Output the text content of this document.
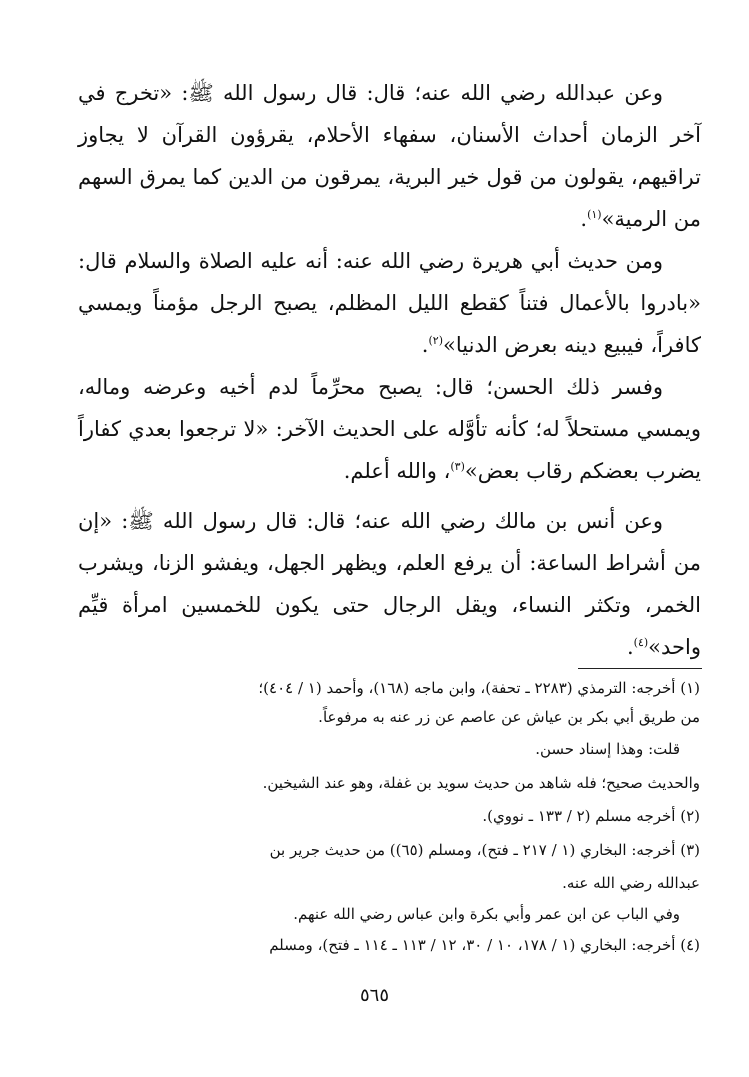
وعن عبدالله رضي الله عنه؛ قال: قال رسول الله ﷺ: «تخرج في آخر الزمان أحداث الأسنان، سفهاء الأحلام، يقرؤون القرآن لا يجاوز تراقيهم، يقولون من قول خير البرية، يمرقون من الدين كما يمرق السهم من الرمية»$^{(١)}$.

ومن حديث أبي هريرة رضي الله عنه: أنه عليه الصلاة والسلام قال: «بادروا بالأعمال فتناً كقطع الليل المظلم، يصبح الرجل مؤمناً ويمسي كافراً، فيبيع دينه بعرض الدنيا»$^{(٢)}$.

وفسر ذلك الحسن؛ قال: يصبح محرِّماً لدم أخيه وعرضه وماله، ويمسي مستحلاً له؛ كأنه تأوَّله على الحديث الآخر: «لا ترجعوا بعدي كفاراً يضرب بعضكم رقاب بعض»$^{(٣)}$، والله أعلم.

وعن أنس بن مالك رضي الله عنه؛ قال: قال رسول الله ﷺ: «إن من أشراط الساعة: أن يرفع العلم، ويظهر الجهل، ويفشو الزنا، ويشرب الخمر، وتكثر النساء، ويقل الرجال حتى يكون للخمسين امرأة قيِّم واحد»$^{(٤)}$.

(١) أخرجه: الترمذي (٢٢٨٣ ـ تحفة)، وابن ماجه (١٦٨)، وأحمد (١ / ٤٠٤)؛

من طريق أبي بكر بن عياش عن عاصم عن زر عنه به مرفوعاً.

قلت: وهذا إسناد حسن.

والحديث صحيح؛ فله شاهد من حديث سويد بن غفلة، وهو عند الشيخين.

(٢) أخرجه مسلم (٢ / ١٣٣ ـ نووي).

(٣) أخرجه: البخاري (١ / ٢١٧ ـ فتح)، ومسلم (٦٥)) من حديث جرير بن

عبدالله رضي الله عنه.

وفي الباب عن ابن عمر وأبي بكرة وابن عباس رضي الله عنهم.

(٤) أخرجه: البخاري (١ / ١٧٨، ١٠ / ٣٠، ١٢ / ١١٣ ـ ١١٤ ـ فتح)، ومسلم

٥٦٥
